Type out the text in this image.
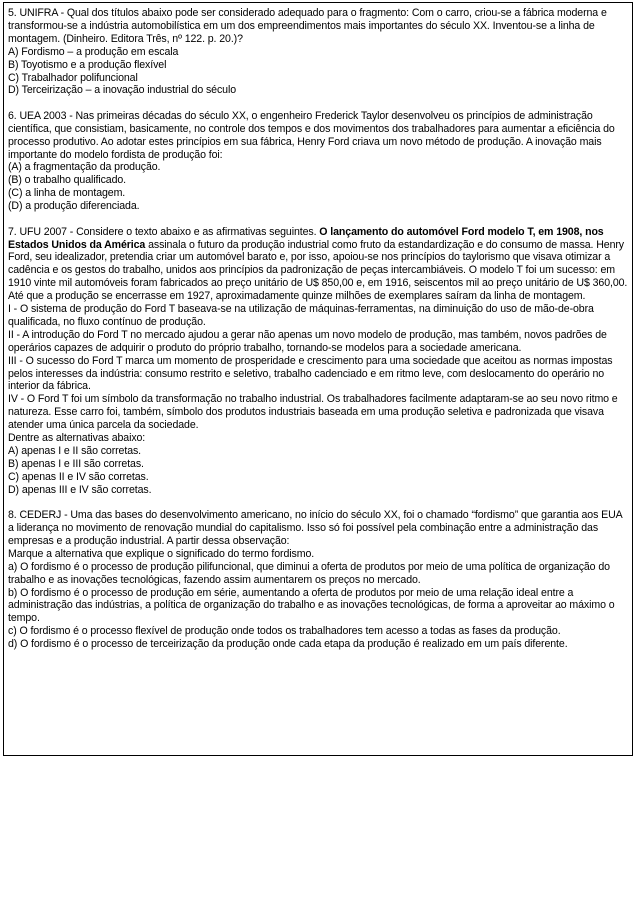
5. UNIFRA - Qual dos títulos abaixo pode ser considerado adequado para o fragmento: Com o carro, criou-se a fábrica moderna e transformou-se a indústria automobilística em um dos empreendimentos mais importantes do século XX. Inventou-se a linha de montagem. (Dinheiro. Editora Três, nº 122. p. 20.)?
A) Fordismo – a produção em escala
B) Toyotismo e a produção flexível
C) Trabalhador polifuncional
D) Terceirização – a inovação industrial do século
6. UEA 2003 - Nas primeiras décadas do século XX, o engenheiro Frederick Taylor desenvolveu os princípios de administração científica, que consistiam, basicamente, no controle dos tempos e dos movimentos dos trabalhadores para aumentar a eficiência do processo produtivo. Ao adotar estes princípios em sua fábrica, Henry Ford criava um novo método de produção. A inovação mais importante do modelo fordista de produção foi:
(A) a fragmentação da produção.
(B) o trabalho qualificado.
(C) a linha de montagem.
(D) a produção diferenciada.
7. UFU 2007 - Considere o texto abaixo e as afirmativas seguintes. O lançamento do automóvel Ford modelo T, em 1908, nos Estados Unidos da América assinala o futuro da produção industrial como fruto da estandardização e do consumo de massa. Henry Ford, seu idealizador, pretendia criar um automóvel barato e, por isso, apoiou-se nos princípios do taylorismo que visava otimizar a cadência e os gestos do trabalho, unidos aos princípios da padronização de peças intercambiáveis. O modelo T foi um sucesso: em 1910 vinte mil automóveis foram fabricados ao preço unitário de U$ 850,00 e, em 1916, seiscentos mil ao preço unitário de U$ 360,00. Até que a produção se encerrasse em 1927, aproximadamente quinze milhões de exemplares saíram da linha de montagem.
I - O sistema de produção do Ford T baseava-se na utilização de máquinas-ferramentas, na diminuição do uso de mão-de-obra qualificada, no fluxo contínuo de produção.
II - A introdução do Ford T no mercado ajudou a gerar não apenas um novo modelo de produção, mas também, novos padrões de operários capazes de adquirir o produto do próprio trabalho, tornando-se modelos para a sociedade americana.
III - O sucesso do Ford T marca um momento de prosperidade e crescimento para uma sociedade que aceitou as normas impostas pelos interesses da indústria: consumo restrito e seletivo, trabalho cadenciado e em ritmo leve, com deslocamento do operário no interior da fábrica.
IV - O Ford T foi um símbolo da transformação no trabalho industrial. Os trabalhadores facilmente adaptaram-se ao seu novo ritmo e natureza. Esse carro foi, também, símbolo dos produtos industriais baseada em uma produção seletiva e padronizada que visava atender uma única parcela da sociedade.
Dentre as alternativas abaixo:
A) apenas I e II são corretas.
B) apenas I e III são corretas.
C) apenas II e IV são corretas.
D) apenas III e IV são corretas.
8. CEDERJ - Uma das bases do desenvolvimento americano, no início do século XX, foi o chamado “fordismo” que garantia aos EUA a liderança no movimento de renovação mundial do capitalismo. Isso só foi possível pela combinação entre a administração das empresas e a produção industrial. A partir dessa observação:
Marque a alternativa que explique o significado do termo fordismo.
a) O fordismo é o processo de produção pilifuncional, que diminui a oferta de produtos por meio de uma política de organização do trabalho e as inovações tecnológicas, fazendo assim aumentarem os preços no mercado.
b) O fordismo é o processo de produção em série, aumentando a oferta de produtos por meio de uma relação ideal entre a administração das indústrias, a política de organização do trabalho e as inovações tecnológicas, de forma a aproveitar ao máximo o tempo.
c) O fordismo é o processo flexível de produção onde todos os trabalhadores tem acesso a todas as fases da produção.
d) O fordismo é o processo de terceirização da produção onde cada etapa da produção é realizado em um país diferente.
